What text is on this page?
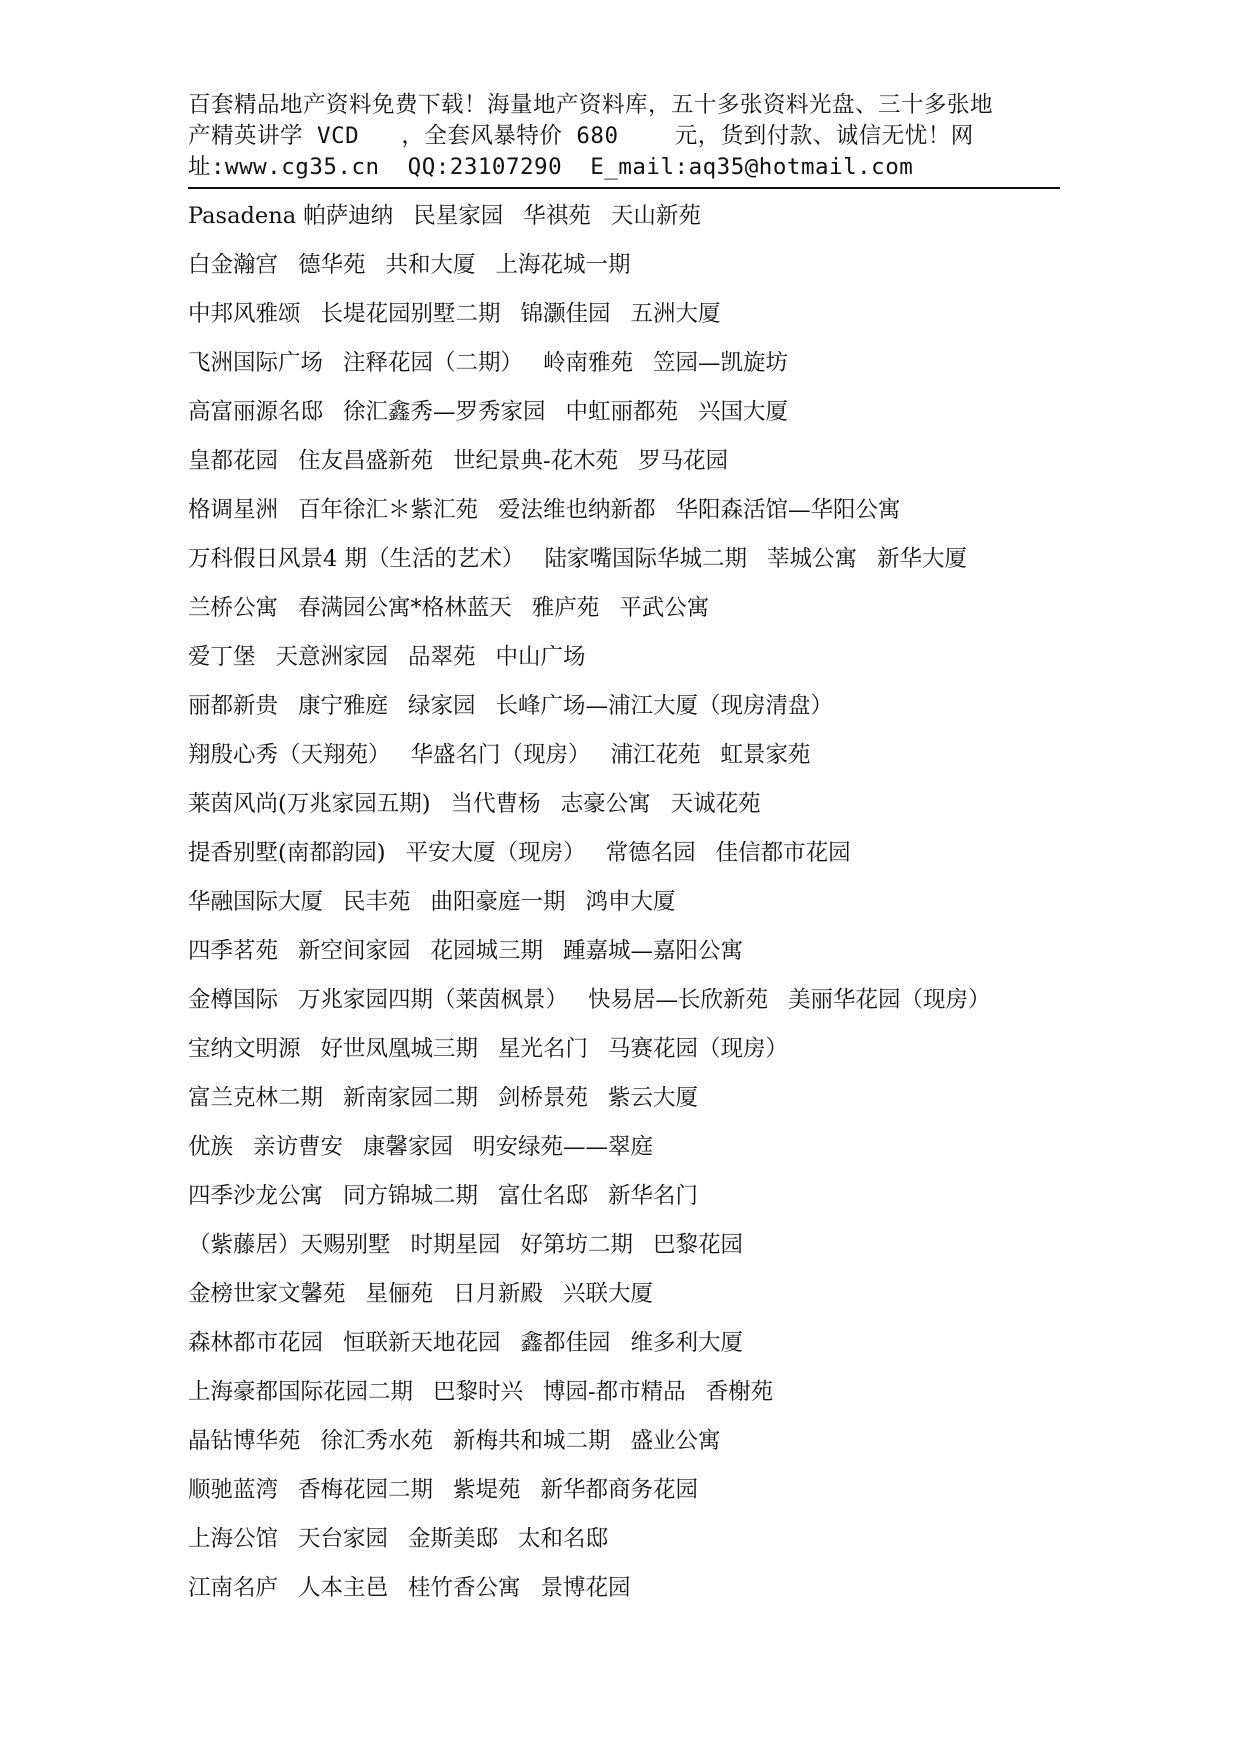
百套精品地产资料免费下载！海量地产资料库，五十多张资料光盘、三十多张地
产精英讲学 VCD   ，全套风暴特价 680    元，货到付款、诚信无忧！网
址:www.cg35.cn  QQ:23107290  E_mail:aq35@hotmail.com
Pasadena 帕萨迪纳 民星家园 华祺苑 天山新苑
白金瀚宫 德华苑 共和大厦 上海花城一期
中邦风雅颂 长堤花园别墅二期 锦灏佳园 五洲大厦
飞洲国际广场 注释花园（二期） 岭南雅苑 笠园—凯旋坊
高富丽源名邸 徐汇鑫秀—罗秀家园 中虹丽都苑 兴国大厦
皇都花园 住友昌盛新苑 世纪景典-花木苑 罗马花园
格调星洲 百年徐汇＊紫汇苑 爱法维也纳新都 华阳森活馆—华阳公寓
万科假日风景4 期（生活的艺术） 陆家嘴国际华城二期 莘城公寓 新华大厦
兰桥公寓 春满园公寓*格林蓝天 雅庐苑 平武公寓
爱丁堡 天意洲家园 品翠苑 中山广场
丽都新贵 康宁雅庭 绿家园 长峰广场—浦江大厦（现房清盘）
翔殷心秀（天翔苑） 华盛名门（现房） 浦江花苑 虹景家苑
莱茵风尚(万兆家园五期) 当代曹杨 志豪公寓 天诚花苑
提香别墅(南都韵园) 平安大厦（现房） 常德名园 佳信都市花园
华融国际大厦 民丰苑 曲阳豪庭一期 鸿申大厦
四季茗苑 新空间家园 花园城三期 踵嘉城—嘉阳公寓
金樽国际 万兆家园四期（莱茵枫景） 快易居—长欣新苑 美丽华花园（现房）
宝纳文明源 好世凤凰城三期 星光名门 马赛花园（现房）
富兰克林二期 新南家园二期 剑桥景苑 紫云大厦
优族 亲访曹安 康馨家园 明安绿苑——翠庭
四季沙龙公寓 同方锦城二期 富仕名邸 新华名门
（紫藤居）天赐别墅 时期星园 好第坊二期 巴黎花园
金榜世家文馨苑 星俪苑 日月新殿 兴联大厦
森林都市花园 恒联新天地花园 鑫都佳园 维多利大厦
上海豪都国际花园二期 巴黎时兴 博园-都市精品 香榭苑
晶钻博华苑 徐汇秀水苑 新梅共和城二期 盛业公寓
顺驰蓝湾 香梅花园二期 紫堤苑 新华都商务花园
上海公馆 天台家园 金斯美邸 太和名邸
江南名庐 人本主邑 桂竹香公寓 景博花园
